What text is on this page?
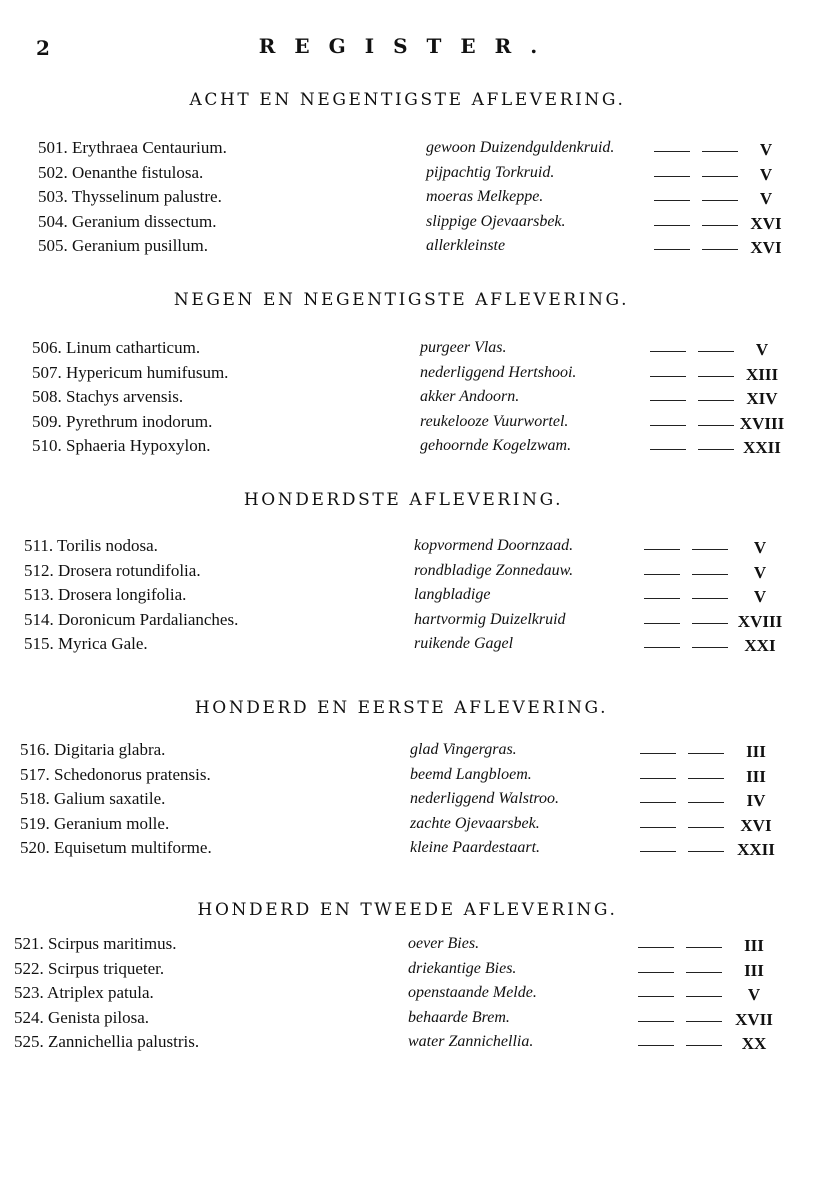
2	REGISTER.
ACHT EN NEGENTIGSTE AFLEVERING.
501. Erythraea Centaurium.	gewoon Duizendguldenkruid.	V
502. Oenanthe fistulosa.	pijpachtig Torkruid.	V
503. Thysselinum palustre.	moeras Melkeppe.	V
504. Geranium dissectum.	slippige Ojevaarsbek.	XVI
505. Geranium pusillum.	allerkleinste	XVI
NEGEN EN NEGENTIGSTE AFLEVERING.
506. Linum catharticum.	purgeer Vlas.	V
507. Hypericum humifusum.	nederliggend Hertshooi.	XIII
508. Stachys arvensis.	akker Andoorn.	XIV
509. Pyrethrum inodorum.	reukelooze Vuurwortel.	XVIII
510. Sphaeria Hypoxylon.	gehoornde Kogelzwam.	XXII
HONDERDSTE AFLEVERING.
511. Torilis nodosa.	kopvormend Doornzaad.	V
512. Drosera rotundifolia.	rondbladige Zonnedauw.	V
513. Drosera longifolia.	langbladige	V
514. Doronicum Pardalianches.	hartvormig Duizelkruid	XVIII
515. Myrica Gale.	ruikende Gagel	XXI
HONDERD EN EERSTE AFLEVERING.
516. Digitaria glabra.	glad Vingergras.	III
517. Schedonorus pratensis.	beemd Langbloem.	III
518. Galium saxatile.	nederliggend Walstroo.	IV
519. Geranium molle.	zachte Ojevaarsbek.	XVI
520. Equisetum multiforme.	kleine Paardestaart.	XXII
HONDERD EN TWEEDE AFLEVERING.
521. Scirpus maritimus.	oever Bies.	III
522. Scirpus triqueter.	driekantige Bies.	III
523. Atriplex patula.	openstaande Melde.	V
524. Genista pilosa.	behaarde Brem.	XVII
525. Zannichellia palustris.	water Zannichellia.	XX
